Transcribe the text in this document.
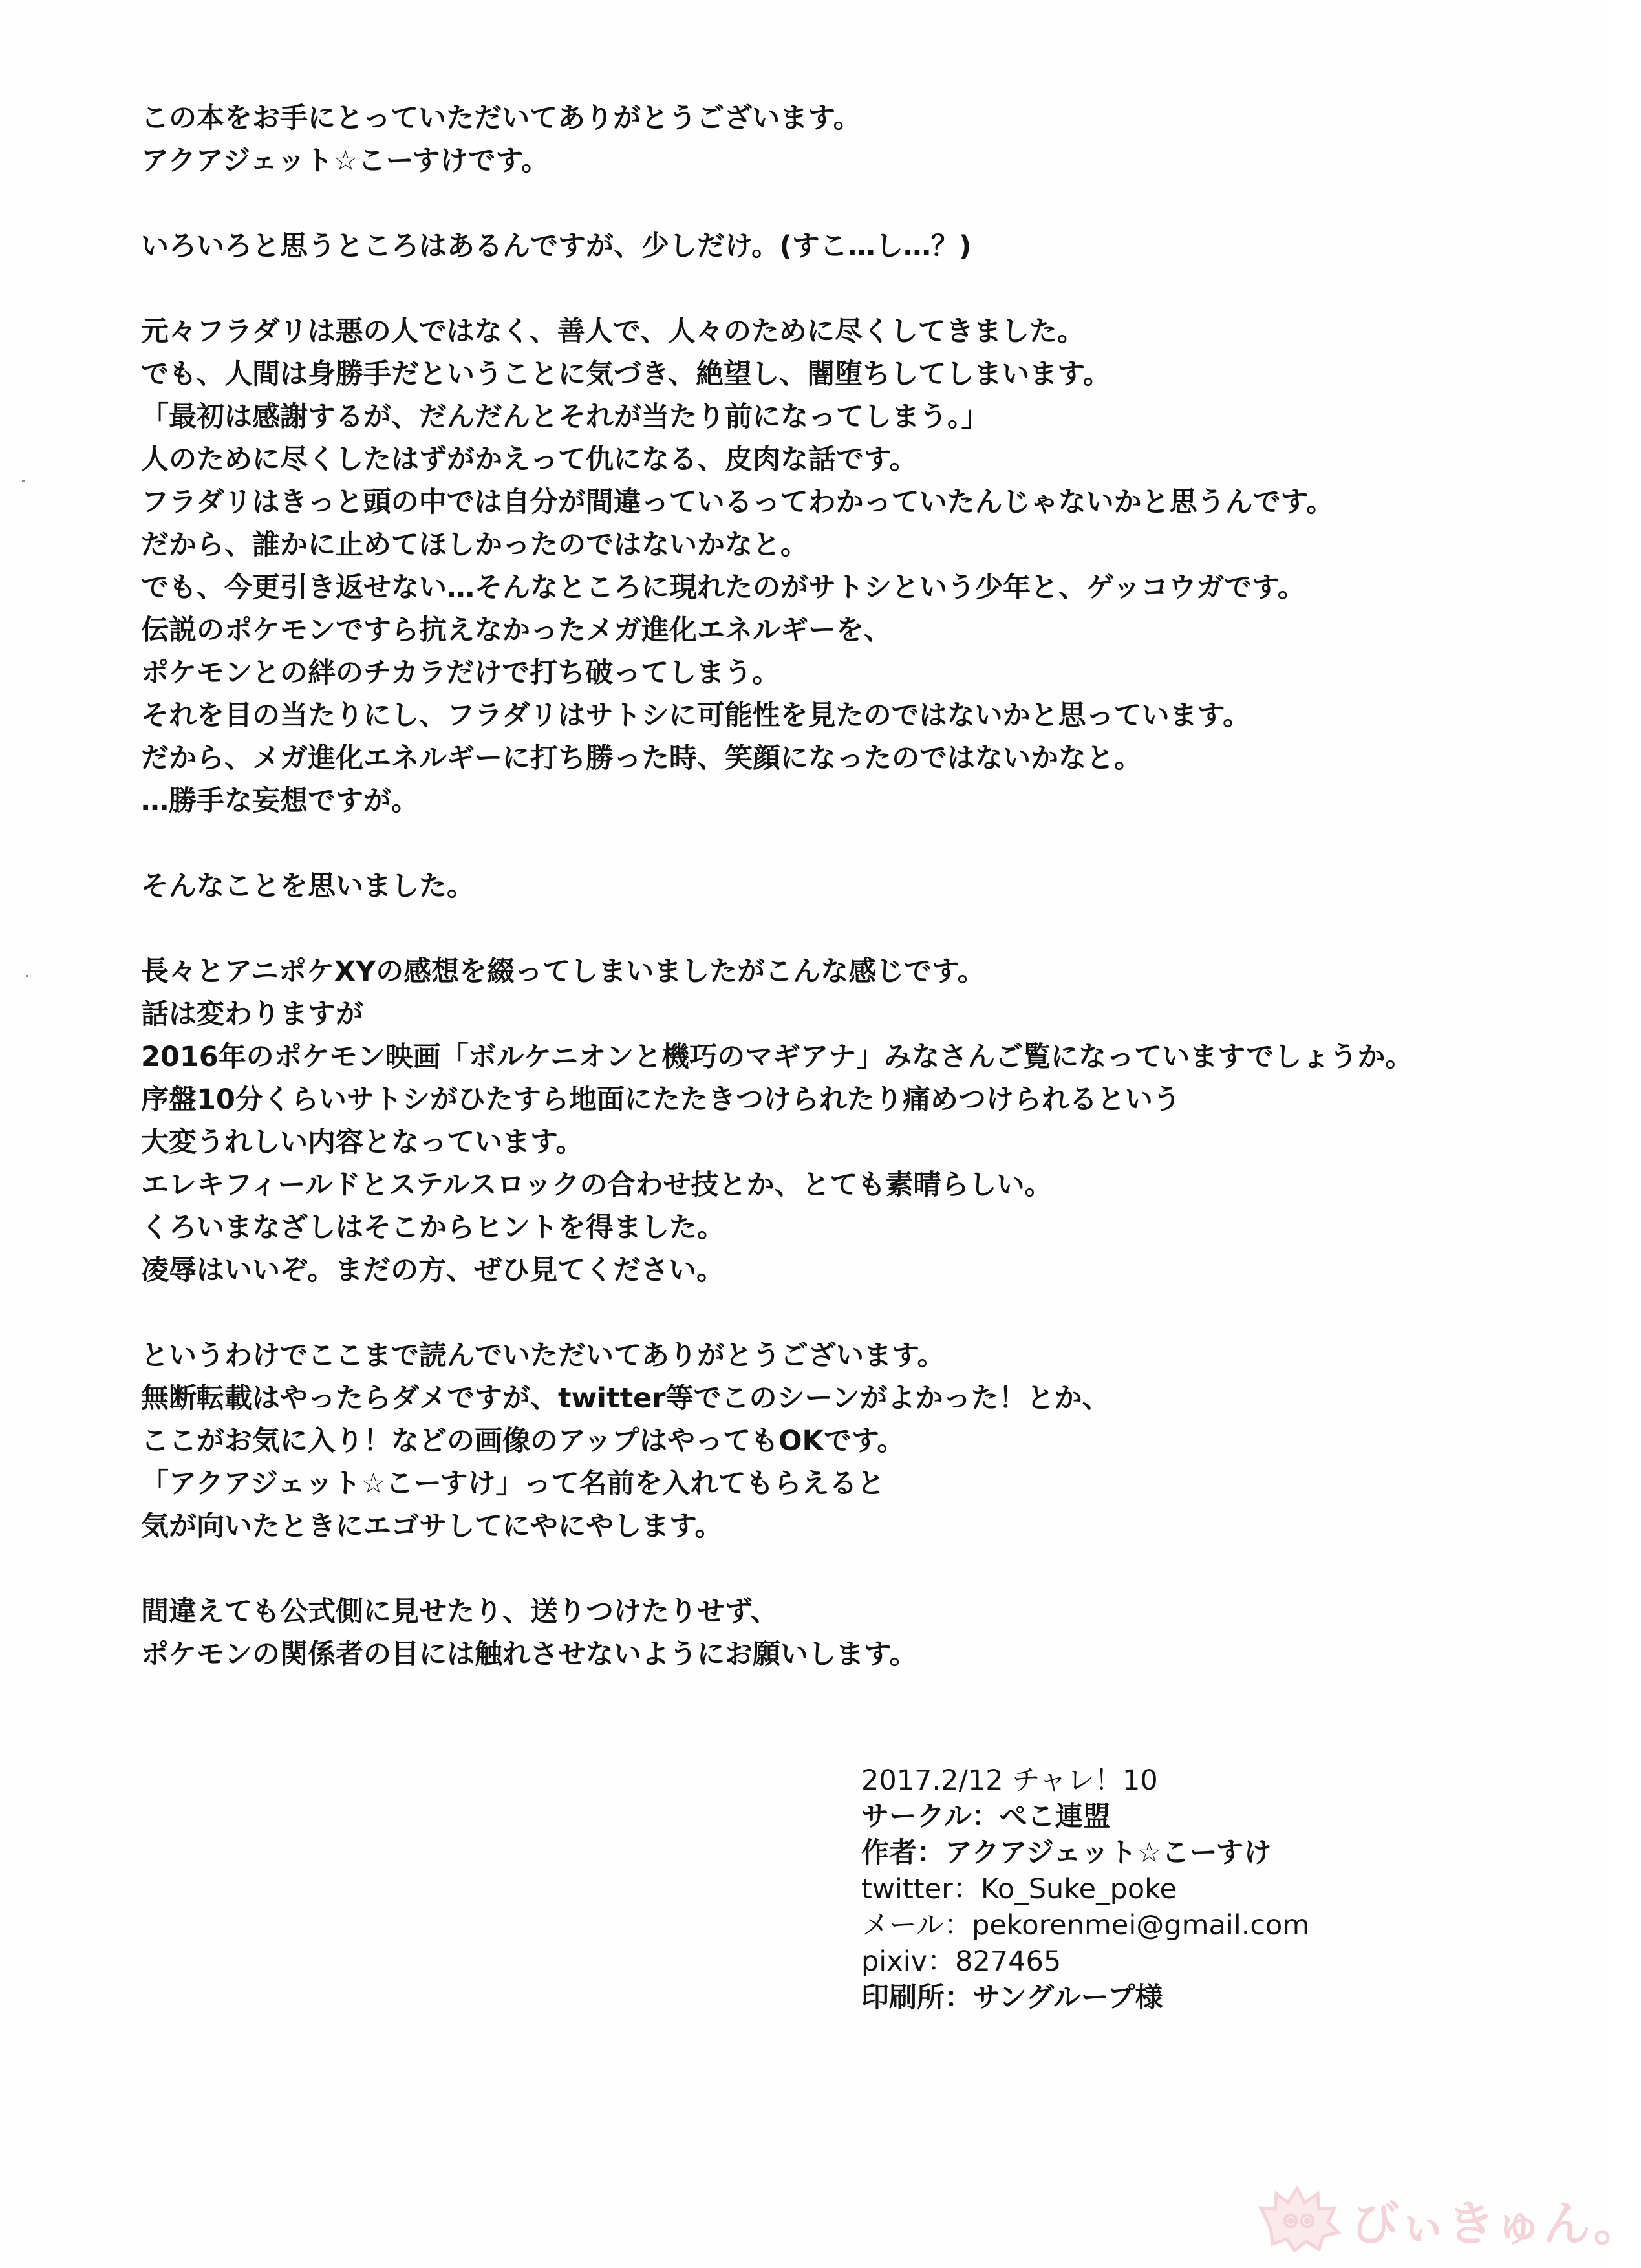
この本をお手にとっていただいてありがとうございます。
アクアジェット☆こーすけです。
いろいろと思うところはあるんですが、少しだけ。(すこ…し…？)
元々フラダリは悪の人ではなく、善人で、人々のために尽くしてきました。
でも、人間は身勝手だということに気づき、絶望し、闇堕ちしてしまいます。
「最初は感謝するが、だんだんとそれが当たり前になってしまう。」
人のために尽くしたはずがかえって仇になる、皮肉な話です。
フラダリはきっと頭の中では自分が間違っているってわかっていたんじゃないかと思うんです。
だから、誰かに止めてほしかったのではないかなと。
でも、今更引き返せない…そんなところに現れたのがサトシという少年と、ゲッコウガです。
伝説のポケモンですら抗えなかったメガ進化エネルギーを、
ポケモンとの絆のチカラだけで打ち破ってしまう。
それを目の当たりにし、フラダリはサトシに可能性を見たのではないかと思っています。
だから、メガ進化エネルギーに打ち勝った時、笑顔になったのではないかなと。
…勝手な妄想ですが。
そんなことを思いました。
長々とアニポケXYの感想を綴ってしまいましたがこんな感じです。
話は変わりますが
2016年のポケモン映画「ボルケニオンと機巧のマギアナ」みなさんご覧になっていますでしょうか。
序盤10分くらいサトシがひたすら地面にたたきつけられたり痛めつけられるという
大変うれしい内容となっています。
エレキフィールドとステルスロックの合わせ技とか、とても素晴らしい。
くろいまなざしはそこからヒントを得ました。
凌辱はいいぞ。まだの方、ぜひ見てください。
というわけでここまで読んでいただいてありがとうございます。
無断転載はやったらダメですが、twitter等でこのシーンがよかった！とか、
ここがお気に入り！などの画像のアップはやってもOKです。
「アクアジェット☆こーすけ」って名前を入れてもらえると
気が向いたときにエゴサしてにやにやします。
間違えても公式側に見せたり、送りつけたりせず、
ポケモンの関係者の目には触れさせないようにお願いします。
2017.2/12 チャレ！10
サークル：ぺこ連盟
作者：アクアジェット☆こーすけ
twitter：Ko_Suke_poke
メール：pekorenmei@gmail.com
pixiv：827465
印刷所：サングループ様
びぃきゅん。
